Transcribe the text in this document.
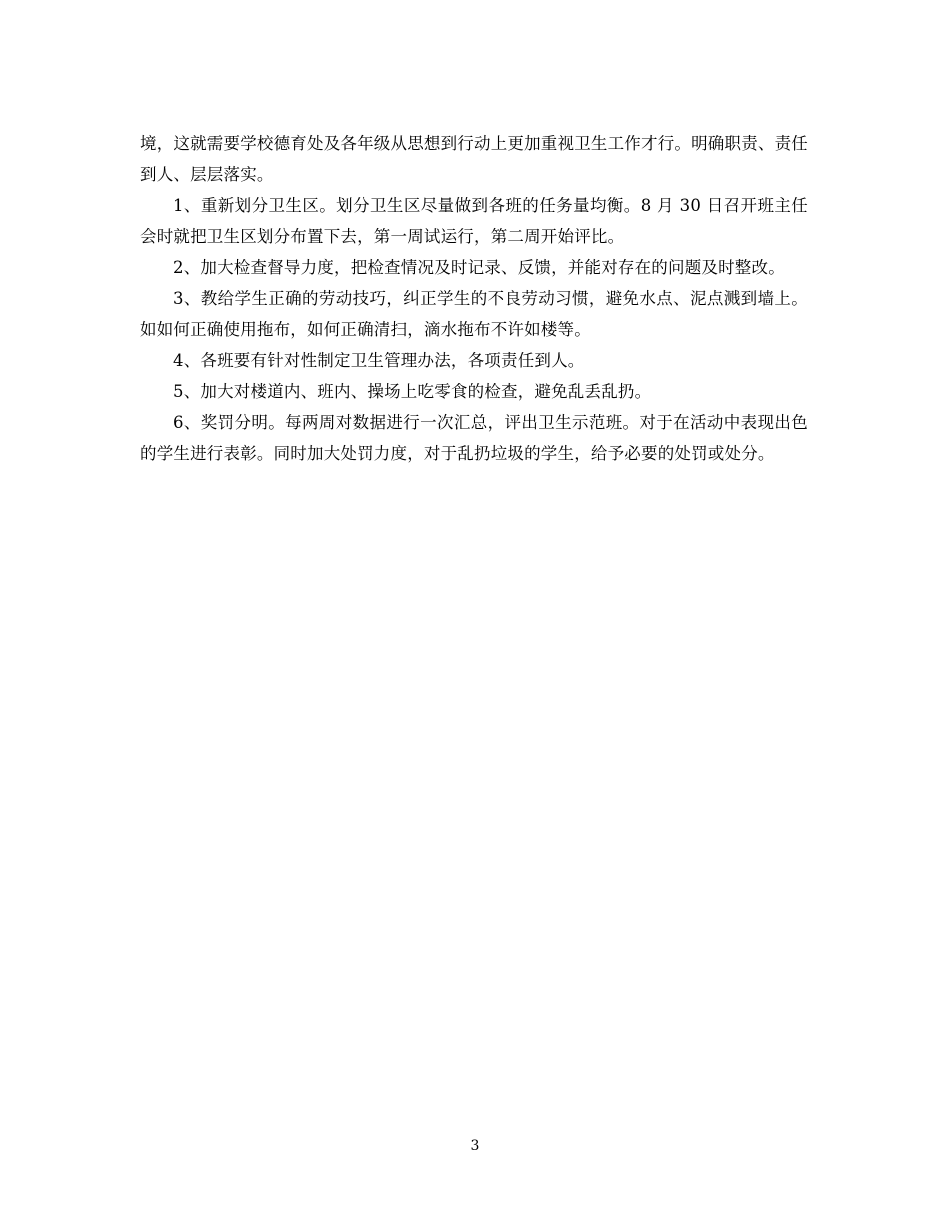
境，这就需要学校德育处及各年级从思想到行动上更加重视卫生工作才行。明确职责、责任到人、层层落实。

1、重新划分卫生区。划分卫生区尽量做到各班的任务量均衡。8 月 30 日召开班主任会时就把卫生区划分布置下去，第一周试运行，第二周开始评比。

2、加大检查督导力度，把检查情况及时记录、反馈，并能对存在的问题及时整改。

3、教给学生正确的劳动技巧，纠正学生的不良劳动习惯，避免水点、泥点溅到墙上。如如何正确使用拖布，如何正确清扫，滴水拖布不许如楼等。

4、各班要有针对性制定卫生管理办法，各项责任到人。

5、加大对楼道内、班内、操场上吃零食的检查，避免乱丢乱扔。

6、奖罚分明。每两周对数据进行一次汇总，评出卫生示范班。对于在活动中表现出色的学生进行表彰。同时加大处罚力度，对于乱扔垃圾的学生，给予必要的处罚或处分。

3
